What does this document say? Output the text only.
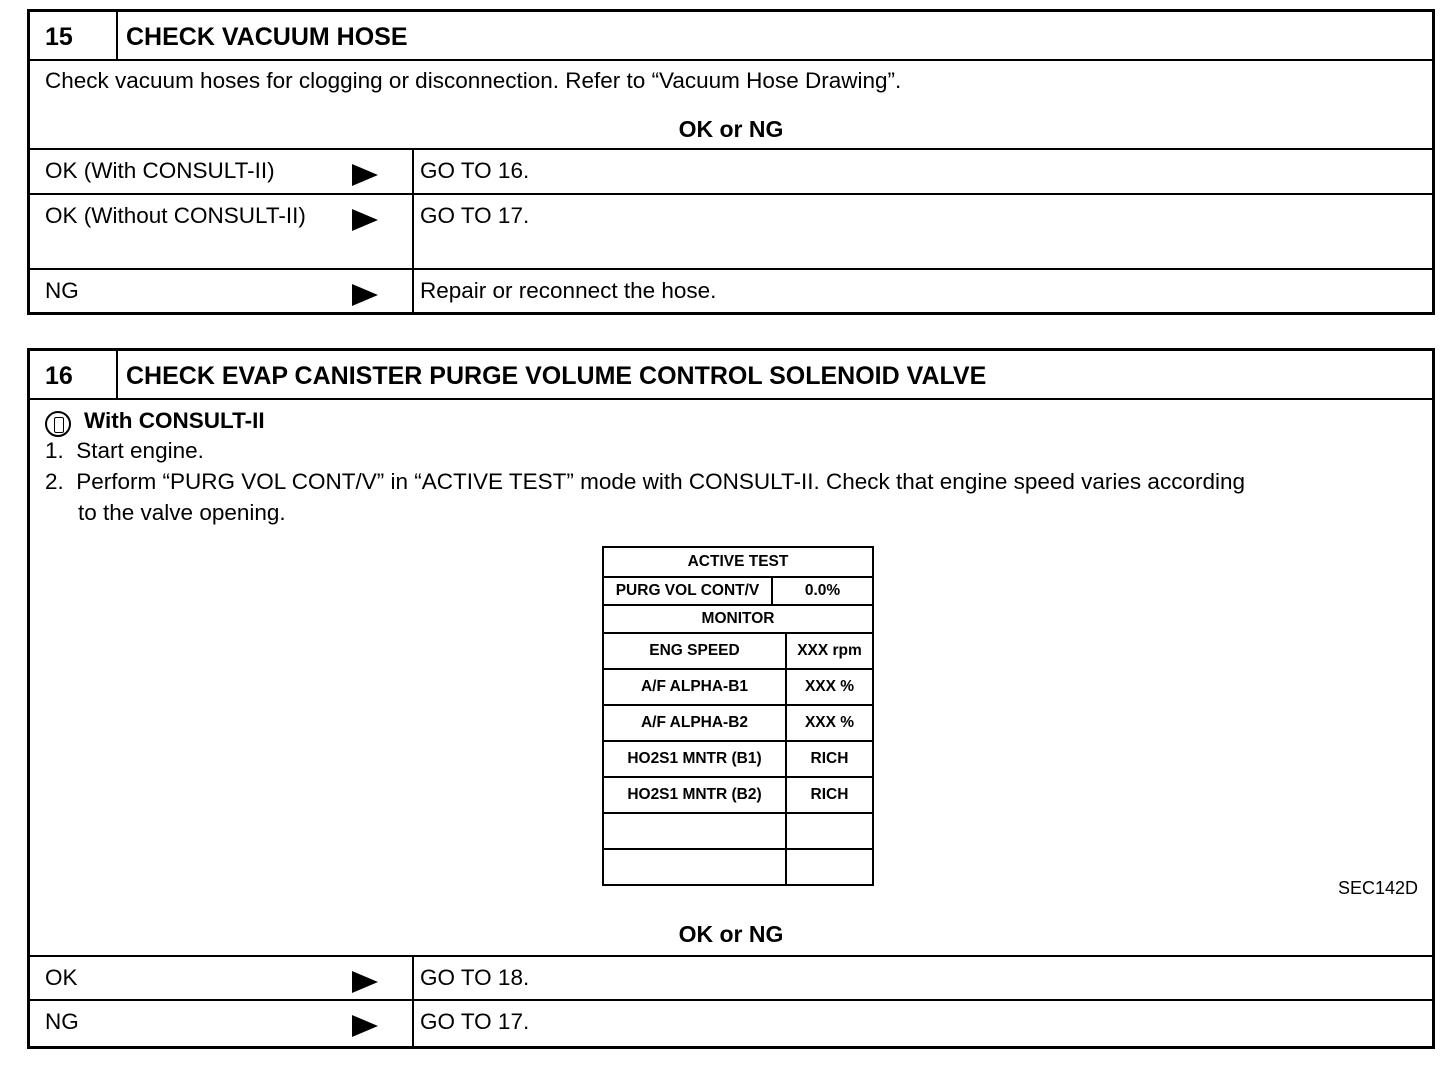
15	CHECK VACUUM HOSE
Check vacuum hoses for clogging or disconnection. Refer to “Vacuum Hose Drawing”.
OK or NG
OK (With CONSULT-II)	GO TO 16.
OK (Without CONSULT-II)	GO TO 17.
NG	Repair or reconnect the hose.
16	CHECK EVAP CANISTER PURGE VOLUME CONTROL SOLENOID VALVE
With CONSULT-II
1. Start engine.
2. Perform “PURG VOL CONT/V” in “ACTIVE TEST” mode with CONSULT-II. Check that engine speed varies according
to the valve opening.
ACTIVE TEST

PURG VOL CONT/V	0.0%

MONITOR
ENG SPEED	XXX rpm
A/F ALPHA-B1	XXX %
A/F ALPHA-B2	XXX %
HO2S1 MNTR (B1)	RICH
HO2S1 MNTR (B2)	RICH

SEC142D
OK or NG
OK	GO TO 18.
NG	GO TO 17.
